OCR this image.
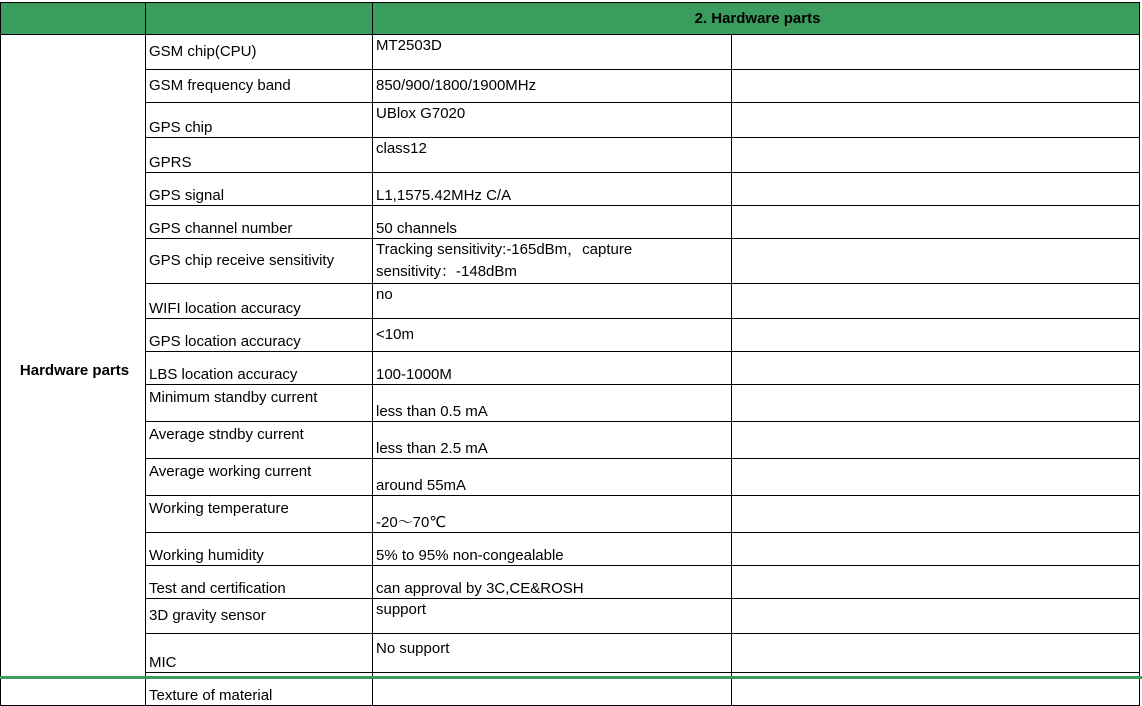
		2. Hardware parts	
Hardware parts	GSM chip(CPU)	MT2503D	
	GSM frequency band	850/900/1800/1900MHz	
	GPS chip	UBlox G7020	
	GPRS	class12	
	GPS signal	L1,1575.42MHz C/A	
	GPS channel number	50 channels	
	GPS chip receive sensitivity	Tracking sensitivity:-165dBm，capture sensitivity：-148dBm	
	WIFI location accuracy	no	
	GPS location accuracy	<10m	
	LBS location accuracy	100-1000M	
	Minimum standby current	less than 0.5 mA	
	Average stndby current	less than 2.5 mA	
	Average working current	around 55mA	
	Working temperature	-20～70℃	
	Working humidity	5% to 95% non-congealable	
	Test and certification	can approval by 3C,CE&ROSH	
	3D gravity sensor	support	
	MIC	No support	
	Texture of material		
